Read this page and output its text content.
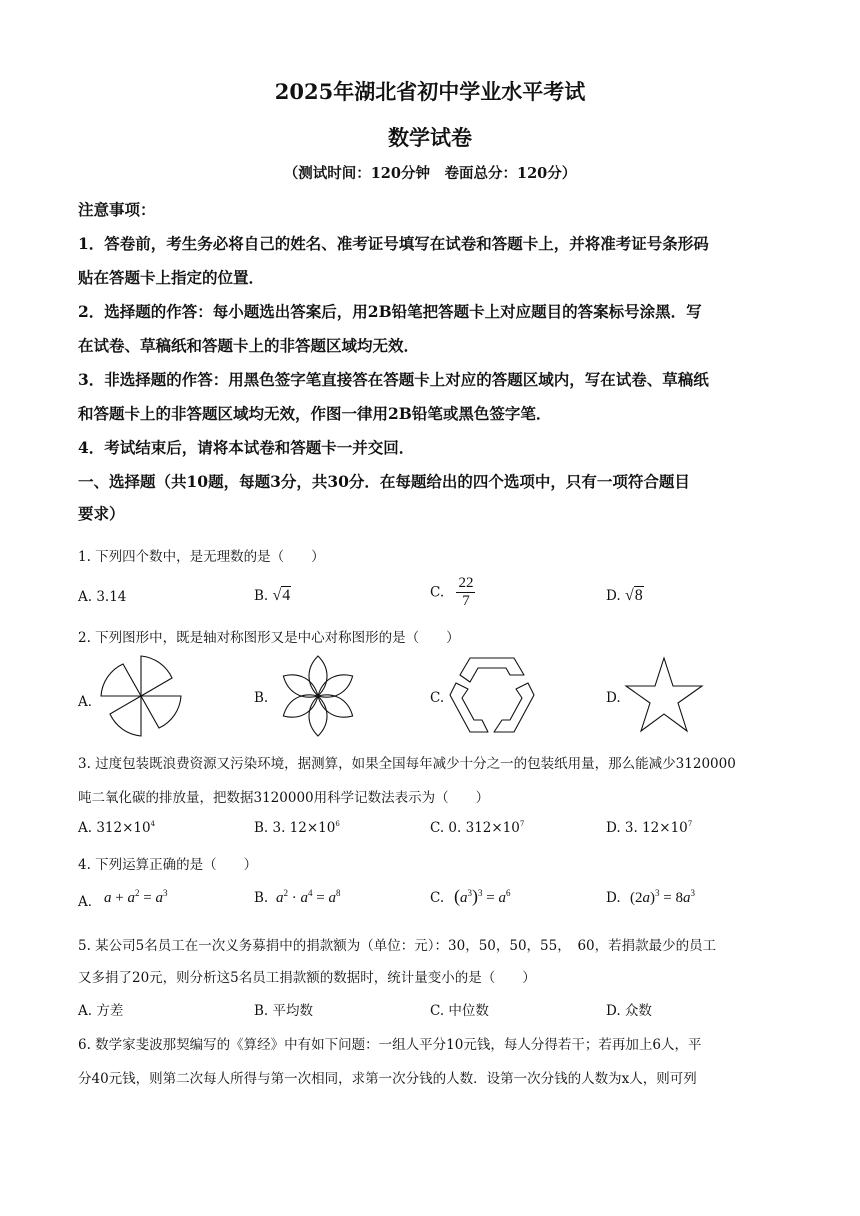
2025年湖北省初中学业水平考试
数学试卷
（测试时间：120分钟　卷面总分：120分）
注意事项：
1．答卷前，考生务必将自己的姓名、准考证号填写在试卷和答题卡上，并将准考证号条形码
贴在答题卡上指定的位置．
2．选择题的作答：每小题选出答案后，用2B铅笔把答题卡上对应题目的答案标号涂黑．写
在试卷、草稿纸和答题卡上的非答题区域均无效．
3．非选择题的作答：用黑色签字笔直接答在答题卡上对应的答题区域内，写在试卷、草稿纸
和答题卡上的非答题区域均无效，作图一律用2B铅笔或黑色签字笔．
4．考试结束后，请将本试卷和答题卡一并交回．
一、选择题（共10题，每题3分，共30分．在每题给出的四个选项中，只有一项符合题目
要求）
1. 下列四个数中，是无理数的是（　　）
A. 3.14	B. √4	C. $\frac{22}{7}$	D. √8
2. 下列图形中，既是轴对称图形又是中心对称图形的是（　　）
A．	B.	C.	D.
3. 过度包装既浪费资源又污染环境，据测算，如果全国每年减少十分之一的包装纸用量，那么能减少3120000
吨二氧化碳的排放量，把数据3120000用科学记数法表示为（　　）
A. $312\times 10^4$	B. 3. $12\times 10^6$	C. 0. $312\times 10^7$	D. 3. $12\times 10^7$
4. 下列运算正确的是（　　）
A． $a + a^2 = a^3$	B. $a^2 \cdot a^4 = a^8$	C. $(a^3)^3 = a^6$	D. $(2a)^3 = 8a^3$
5. 某公司5名员工在一次义务募捐中的捐款额为（单位：元）：30，50，50，55，　60，若捐款最少的员工
又多捐了20元，则分析这5名员工捐款额的数据时，统计量变小的是（　　）
A. 方差	B. 平均数	C. 中位数	D. 众数
6. 数学家斐波那契编写的《算经》中有如下问题：一组人平分10元钱，每人分得若干；若再加上6人，平
分40元钱，则第二次每人所得与第一次相同，求第一次分钱的人数．设第一次分钱的人数为x人，则可列
